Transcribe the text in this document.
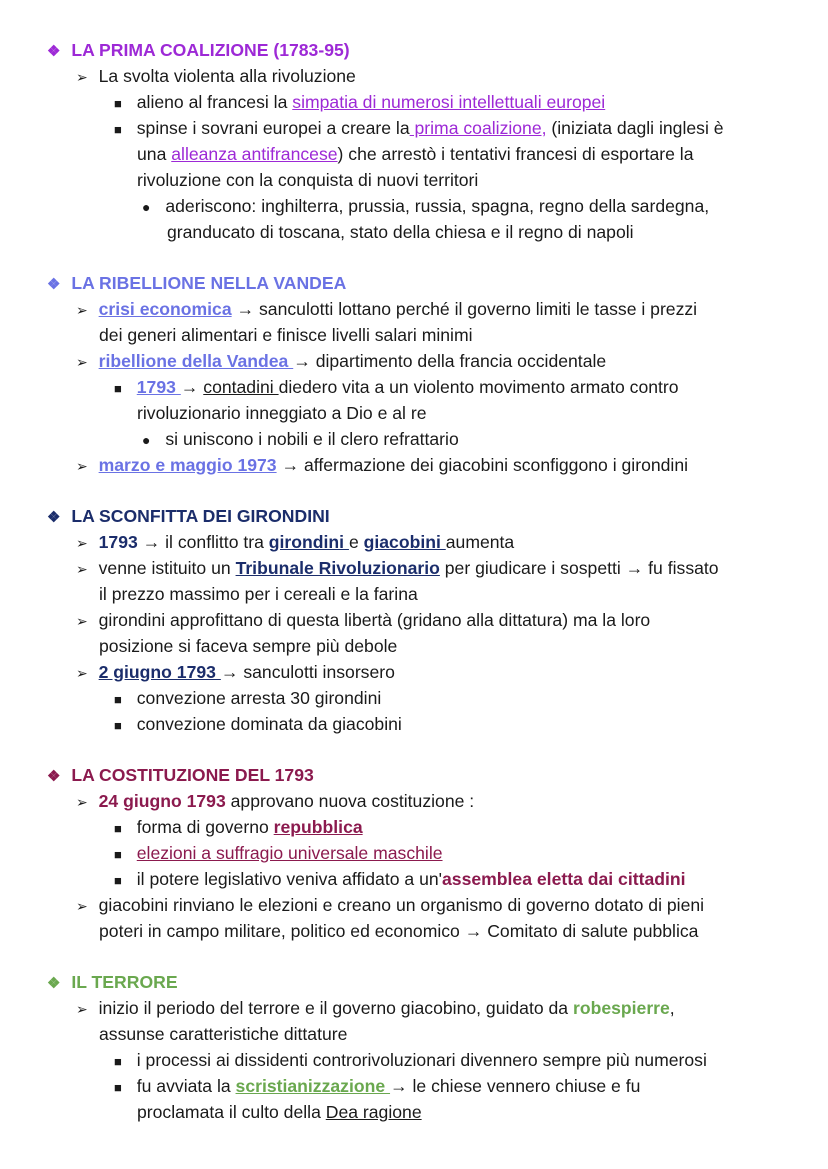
❖ LA PRIMA COALIZIONE (1783-95)
➢ La svolta violenta alla rivoluzione
■ alieno al francesi la simpatia di numerosi intellettuali europei
■ spinse i sovrani europei a creare la prima coalizione, (iniziata dagli inglesi è
una alleanza antifrancese) che arrestò i tentativi francesi di esportare la
rivoluzione con la conquista di nuovi territori
● aderiscono: inghilterra, prussia, russia, spagna, regno della sardegna,
granducato di toscana, stato della chiesa e il regno di napoli
❖ LA RIBELLIONE NELLA VANDEA
➢ crisi economica → sanculotti lottano perché il governo limiti le tasse i prezzi
dei generi alimentari e finisce livelli salari minimi
➢ ribellione della Vandea → dipartimento della francia occidentale
■ 1793 → contadini diedero vita a un violento movimento armato contro
rivoluzionario inneggiato a Dio e al re
● si uniscono i nobili e il clero refrattario
➢ marzo e maggio 1973 → affermazione dei giacobini sconfiggono i girondini
❖ LA SCONFITTA DEI GIRONDINI
➢ 1793 → il conflitto tra girondini e giacobini aumenta
➢ venne istituito un Tribunale Rivoluzionario per giudicare i sospetti → fu fissato
il prezzo massimo per i cereali e la farina
➢ girondini approfittano di questa libertà (gridano alla dittatura) ma la loro
posizione si faceva sempre più debole
➢ 2 giugno 1793 → sanculotti insorsero
■ convezione arresta 30 girondini
■ convezione dominata da giacobini
❖ LA COSTITUZIONE DEL 1793
➢ 24 giugno 1793 approvano nuova costituzione :
■ forma di governo repubblica
■ elezioni a suffragio universale maschile
■ il potere legislativo veniva affidato a un'assemblea eletta dai cittadini
➢ giacobini rinviano le elezioni e creano un organismo di governo dotato di pieni
poteri in campo militare, politico ed economico → Comitato di salute pubblica
❖ IL TERRORE
➢ inizio il periodo del terrore e il governo giacobino, guidato da robespierre,
assunse caratteristiche dittature
■ i processi ai dissidenti controrivoluzionari divennero sempre più numerosi
■ fu avviata la scristianizzazione → le chiese vennero chiuse e fu
proclamata il culto della Dea ragione
